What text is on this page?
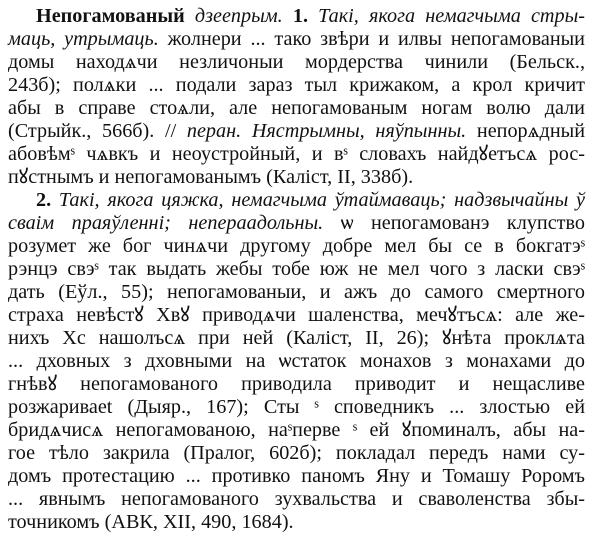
Непогамованый дзеепрым. 1. Такі, якога немагчыма стры-
маць, утрымаць. жолнери ... тако звѣри и илвы непогамованыи
домы находѧчи незличоныи мордерства чинили (Бельск.,
243б); полѧки ... подали зараз тыл крижаком, а крол кричит
абы в справе стоѧли, але непогамованым ногам волю дали
(Стрыйк., 566б). // перан. Нястрымны, няўпынны. непорѧдный
абовѣмˢ чѧвкъ и неоустройный, и вˢ словахъ найдꙋетъсѧ рос-
пꙋстнымъ и непогамованымъ (Каліст, II, 338б).
2. Такі, якога цяжка, немагчыма ўтаймаваць; надзвычайны ў
сваім праяўленні; непераадольны. ѡ непогамованэ клупство
розумет же бог чинѧчи другому добре мел бы се в бокгатэˢ
рэнцэ свэˢ так выдать жебы тобе юж не мел чого з ласки свэˢ
дать (Еўл., 55); непогамованыи, и ажъ до самого смертного
страха невѣстꙋ Хвꙋ приводѧчи шаленства, мечꙋтъсѧ: але же-
нихъ Хс нашолъсѧ при ней (Каліст, II, 26); ꙋнѣта проклѧта
... дховных з дховными на ѡстаток монахов з монахами до
гнѣвꙋ непогамованого приводила приводит и нещасливе
розжариваеt (Дыяр., 167); Сты ˢ споведникъ ... злостью ей
бридѧчисѧ непогамованою, наˢперве ˢ ей ꙋпоминалъ, абы на-
гое тѣло закрила (Пралог, 602б); покладал передъ нами су-
домъ протестацию ... противко паномъ Яну и Томашу Роромъ
... явнымъ непогамованого зухвальства и сваволенства збы-
точникомъ (АВК, XII, 490, 1684).
